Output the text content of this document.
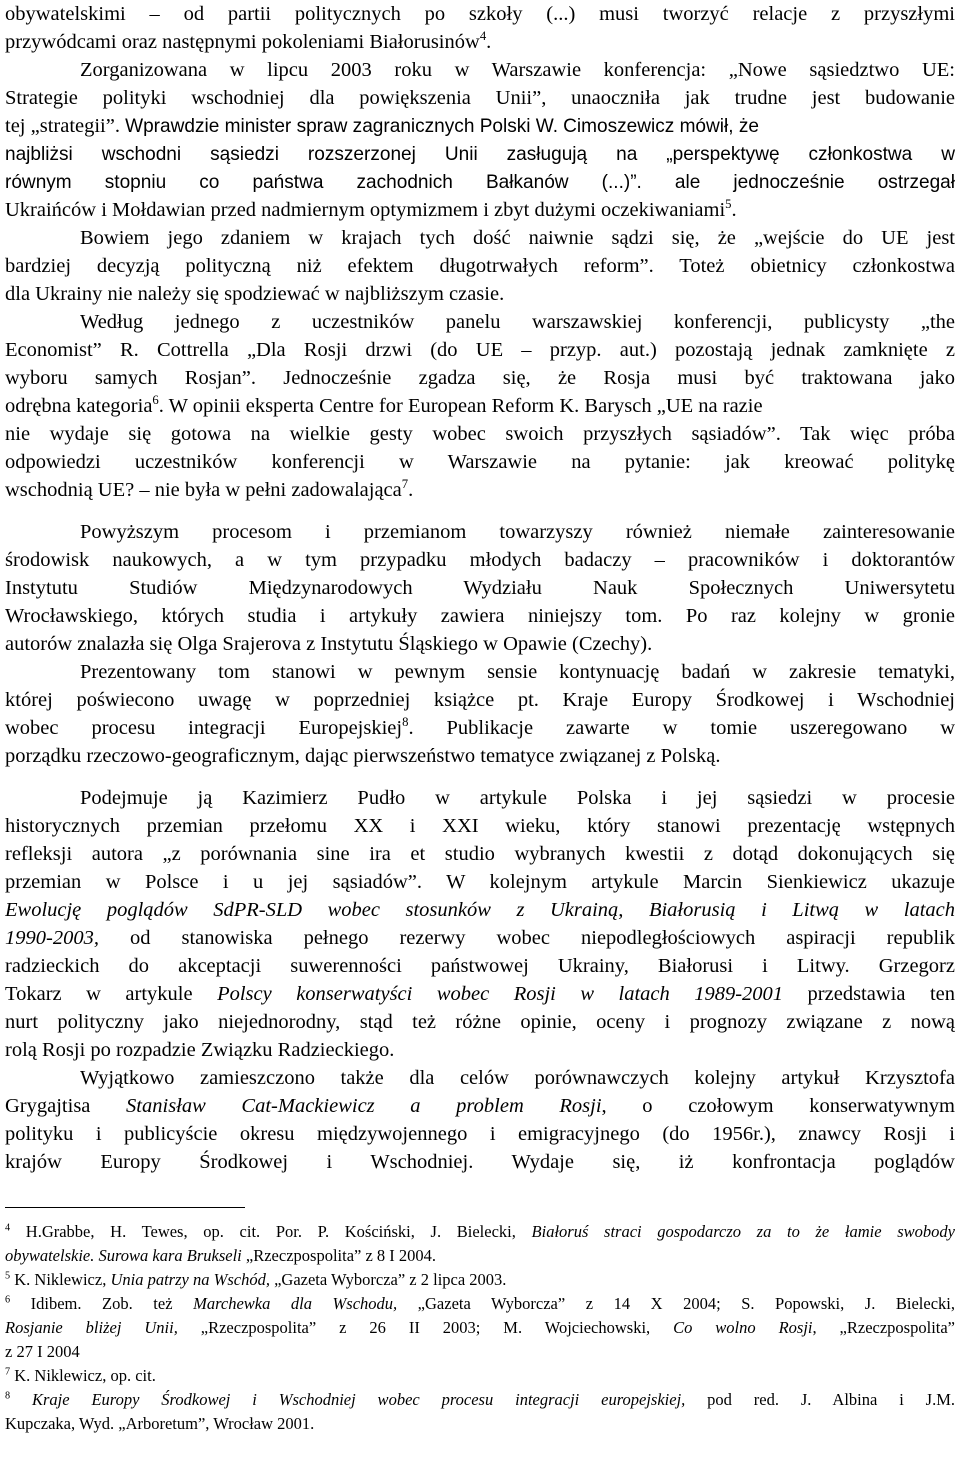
obywatelskimi – od partii politycznych po szkoły (...) musi tworzyć relacje z przyszłymi
przywódcami oraz następnymi pokoleniami Białorusinów$^4$.
Zorganizowana w lipcu 2003 roku w Warszawie konferencja: „Nowe sąsiedztwo UE:
Strategie polityki wschodniej dla powiększenia Unii”, unaoczniła jak trudne jest budowanie
tej „strategii”. Wprawdzie minister spraw zagranicznych Polski W. Cimoszewicz mówił, że
najbliżsi wschodni sąsiedzi rozszerzonej Unii zasługują na „perspektywę członkostwa w
równym stopniu co państwa zachodnich Bałkanów (...)”. ale jednocześnie ostrzegał
Ukraińców i Mołdawian przed nadmiernym optymizmem i zbyt dużymi oczekiwaniami$^5$.
Bowiem jego zdaniem w krajach tych dość naiwnie sądzi się, że „wejście do UE jest
bardziej decyzją polityczną niż efektem długotrwałych reform”. Toteż obietnicy członkostwa
dla Ukrainy nie należy się spodziewać w najbliższym czasie.
Według jednego z uczestników panelu warszawskiej konferencji, publicysty „the
Economist” R. Cottrella „Dla Rosji drzwi (do UE – przyp. aut.) pozostają jednak zamknięte z
wyboru samych Rosjan”. Jednocześnie zgadza się, że Rosja musi być traktowana jako
odrębna kategoria$^6$. W opinii eksperta Centre for European Reform K. Barysch „UE na razie
nie wydaje się gotowa na wielkie gesty wobec swoich przyszłych sąsiadów”. Tak więc próba
odpowiedzi uczestników konferencji w Warszawie na pytanie: jak kreować politykę
wschodnią UE? – nie była w pełni zadowalająca$^7$.
Powyższym procesom i przemianom towarzyszy również niemałe zainteresowanie
środowisk naukowych, a w tym przypadku młodych badaczy – pracowników i doktorantów
Instytutu Studiów Międzynarodowych Wydziału Nauk Społecznych Uniwersytetu
Wrocławskiego, których studia i artykuły zawiera niniejszy tom. Po raz kolejny w gronie
autorów znalazła się Olga Srajerova z Instytutu Śląskiego w Opawie (Czechy).
Prezentowany tom stanowi w pewnym sensie kontynuację badań w zakresie tematyki,
której poświecono uwagę w poprzedniej książce pt. Kraje Europy Środkowej i Wschodniej
wobec procesu integracji Europejskiej$^8$. Publikacje zawarte w tomie uszeregowano w
porządku rzeczowo-geograficznym, dając pierwszeństwo tematyce związanej z Polską.
Podejmuje ją Kazimierz Pudło w artykule Polska i jej sąsiedzi w procesie
historycznych przemian przełomu XX i XXI wieku, który stanowi prezentację wstępnych
refleksji autora „z porównania sine ira et studio wybranych kwestii z dotąd dokonujących się
przemian w Polsce i u jej sąsiadów”. W kolejnym artykule Marcin Sienkiewicz ukazuje
Ewolucję poglądów SdPR-SLD wobec stosunków z Ukrainą, Białorusią i Litwą w latach
1990-2003, od stanowiska pełnego rezerwy wobec niepodległościowych aspiracji republik
radzieckich do akceptacji suwerenności państwowej Ukrainy, Białorusi i Litwy. Grzegorz
Tokarz w artykule Polscy konserwatyści wobec Rosji w latach 1989-2001 przedstawia ten
nurt polityczny jako niejednorodny, stąd też różne opinie, oceny i prognozy związane z nową
rolą Rosji po rozpadzie Związku Radzieckiego.
Wyjątkowo zamieszczono także dla celów porównawczych kolejny artykuł Krzysztofa
Grygajtisa Stanisław Cat-Mackiewicz a problem Rosji, o czołowym konserwatywnym
polityku i publicyście okresu międzywojennego i emigracyjnego (do 1956r.), znawcy Rosji i
krajów Europy Środkowej i Wschodniej. Wydaje się, iż konfrontacja poglądów
$^4$ H.Grabbe, H. Tewes, op. cit. Por. P. Kościński, J. Bielecki, Białoruś straci gospodarczo za to że łamie swobody
obywatelskie. Surowa kara Brukseli „Rzeczpospolita” z 8 I 2004.
$^5$ K. Niklewicz, Unia patrzy na Wschód, „Gazeta Wyborcza” z 2 lipca 2003.
$^6$ Idibem. Zob. też Marchewka dla Wschodu, „Gazeta Wyborcza” z 14 X 2004; S. Popowski, J. Bielecki,
Rosjanie bliżej Unii, „Rzeczpospolita” z 26 II 2003; M. Wojciechowski, Co wolno Rosji, „Rzeczpospolita”
z 27 I 2004
$^7$ K. Niklewicz, op. cit.
$^8$ Kraje Europy Środkowej i Wschodniej wobec procesu integracji europejskiej, pod red. J. Albina i J.M.
Kupczaka, Wyd. „Arboretum”, Wrocław 2001.
